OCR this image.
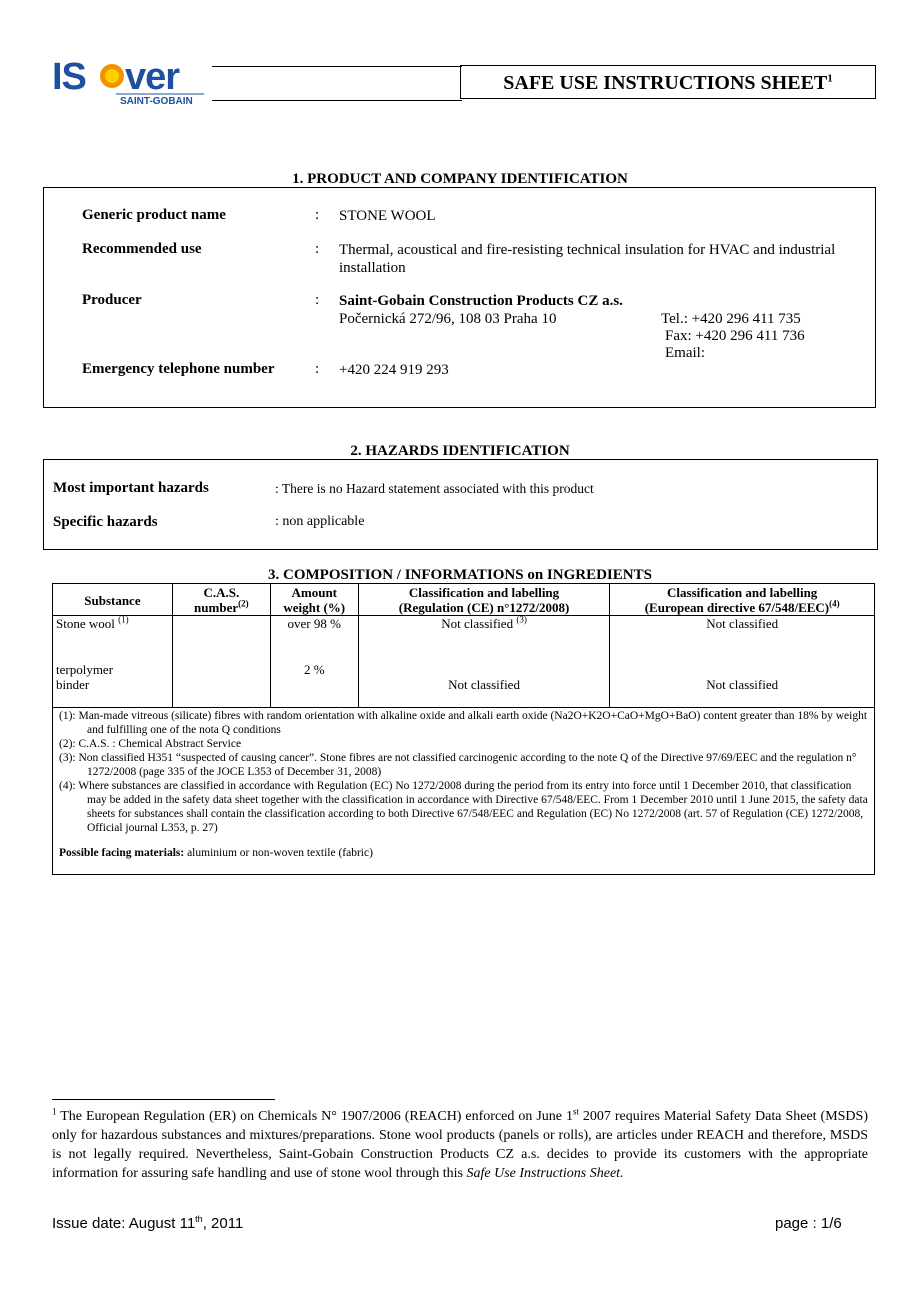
IS ver
SAINT-GOBAIN
SAFE USE INSTRUCTIONS SHEET$^1$
1. PRODUCT AND COMPANY IDENTIFICATION
Generic product name	: STONE WOOL
Recommended use	: Thermal, acoustical and fire-resisting technical insulation for HVAC and industrial installation
Producer	: Saint-Gobain Construction Products CZ a.s.
Počernická 272/96, 108 03 Praha 10	Tel.: +420 296 411 735
Fax: +420 296 411 736
Email:
Emergency telephone number	: +420 224 919 293
2. HAZARDS IDENTIFICATION
Most important hazards	: There is no Hazard statement associated with this product
Specific hazards	: non applicable
3. COMPOSITION / INFORMATIONS on INGREDIENTS
Substance	C.A.S.
number$^{(2)}$	Amount
weight (%)	Classification and labelling
(Regulation (CE) n°1272/2008)	Classification and labelling
(European directive 67/548/EEC)$^{(4)}$

Stone wool $^{(1)}$
terpolymer
binder

over 98 %
2 %

Not classified $^{(3)}$
Not classified

Not classified
Not classified

(1): Man-made vitreous (silicate) fibres with random orientation with alkaline oxide and alkali earth oxide (Na2O+K2O+CaO+MgO+BaO) content greater than 18% by weight and fulfilling one of the nota Q conditions

(2): C.A.S. : Chemical Abstract Service

(3): Non classified H351 “suspected of causing cancer”. Stone fibres are not classified carcinogenic according to the note Q of the Directive 97/69/EEC and the regulation n° 1272/2008 (page 335 of the JOCE L353 of December 31, 2008)

(4): Where substances are classified in accordance with Regulation (EC) No 1272/2008 during the period from its entry into force until 1 December 2010, that classification may be added in the safety data sheet together with the classification in accordance with Directive 67/548/EEC. From 1 December 2010 until 1 June 2015, the safety data sheets for substances shall contain the classification according to both Directive 67/548/EEC and Regulation (EC) No 1272/2008 (art. 57 of Regulation (CE) 1272/2008, Official journal L353, p. 27)

Possible facing materials: aluminium or non-woven textile (fabric)

$^1$ The European Regulation (ER) on Chemicals N° 1907/2006 (REACH) enforced on June 1st 2007 requires Material Safety Data Sheet (MSDS) only for hazardous substances and mixtures/preparations. Stone wool products (panels or rolls), are articles under REACH and therefore, MSDS is not legally required. Nevertheless, Saint-Gobain Construction Products CZ a.s. decides to provide its customers with the appropriate information for assuring safe handling and use of stone wool through this Safe Use Instructions Sheet.
Issue date: August 11th, 2011	page : 1/6
